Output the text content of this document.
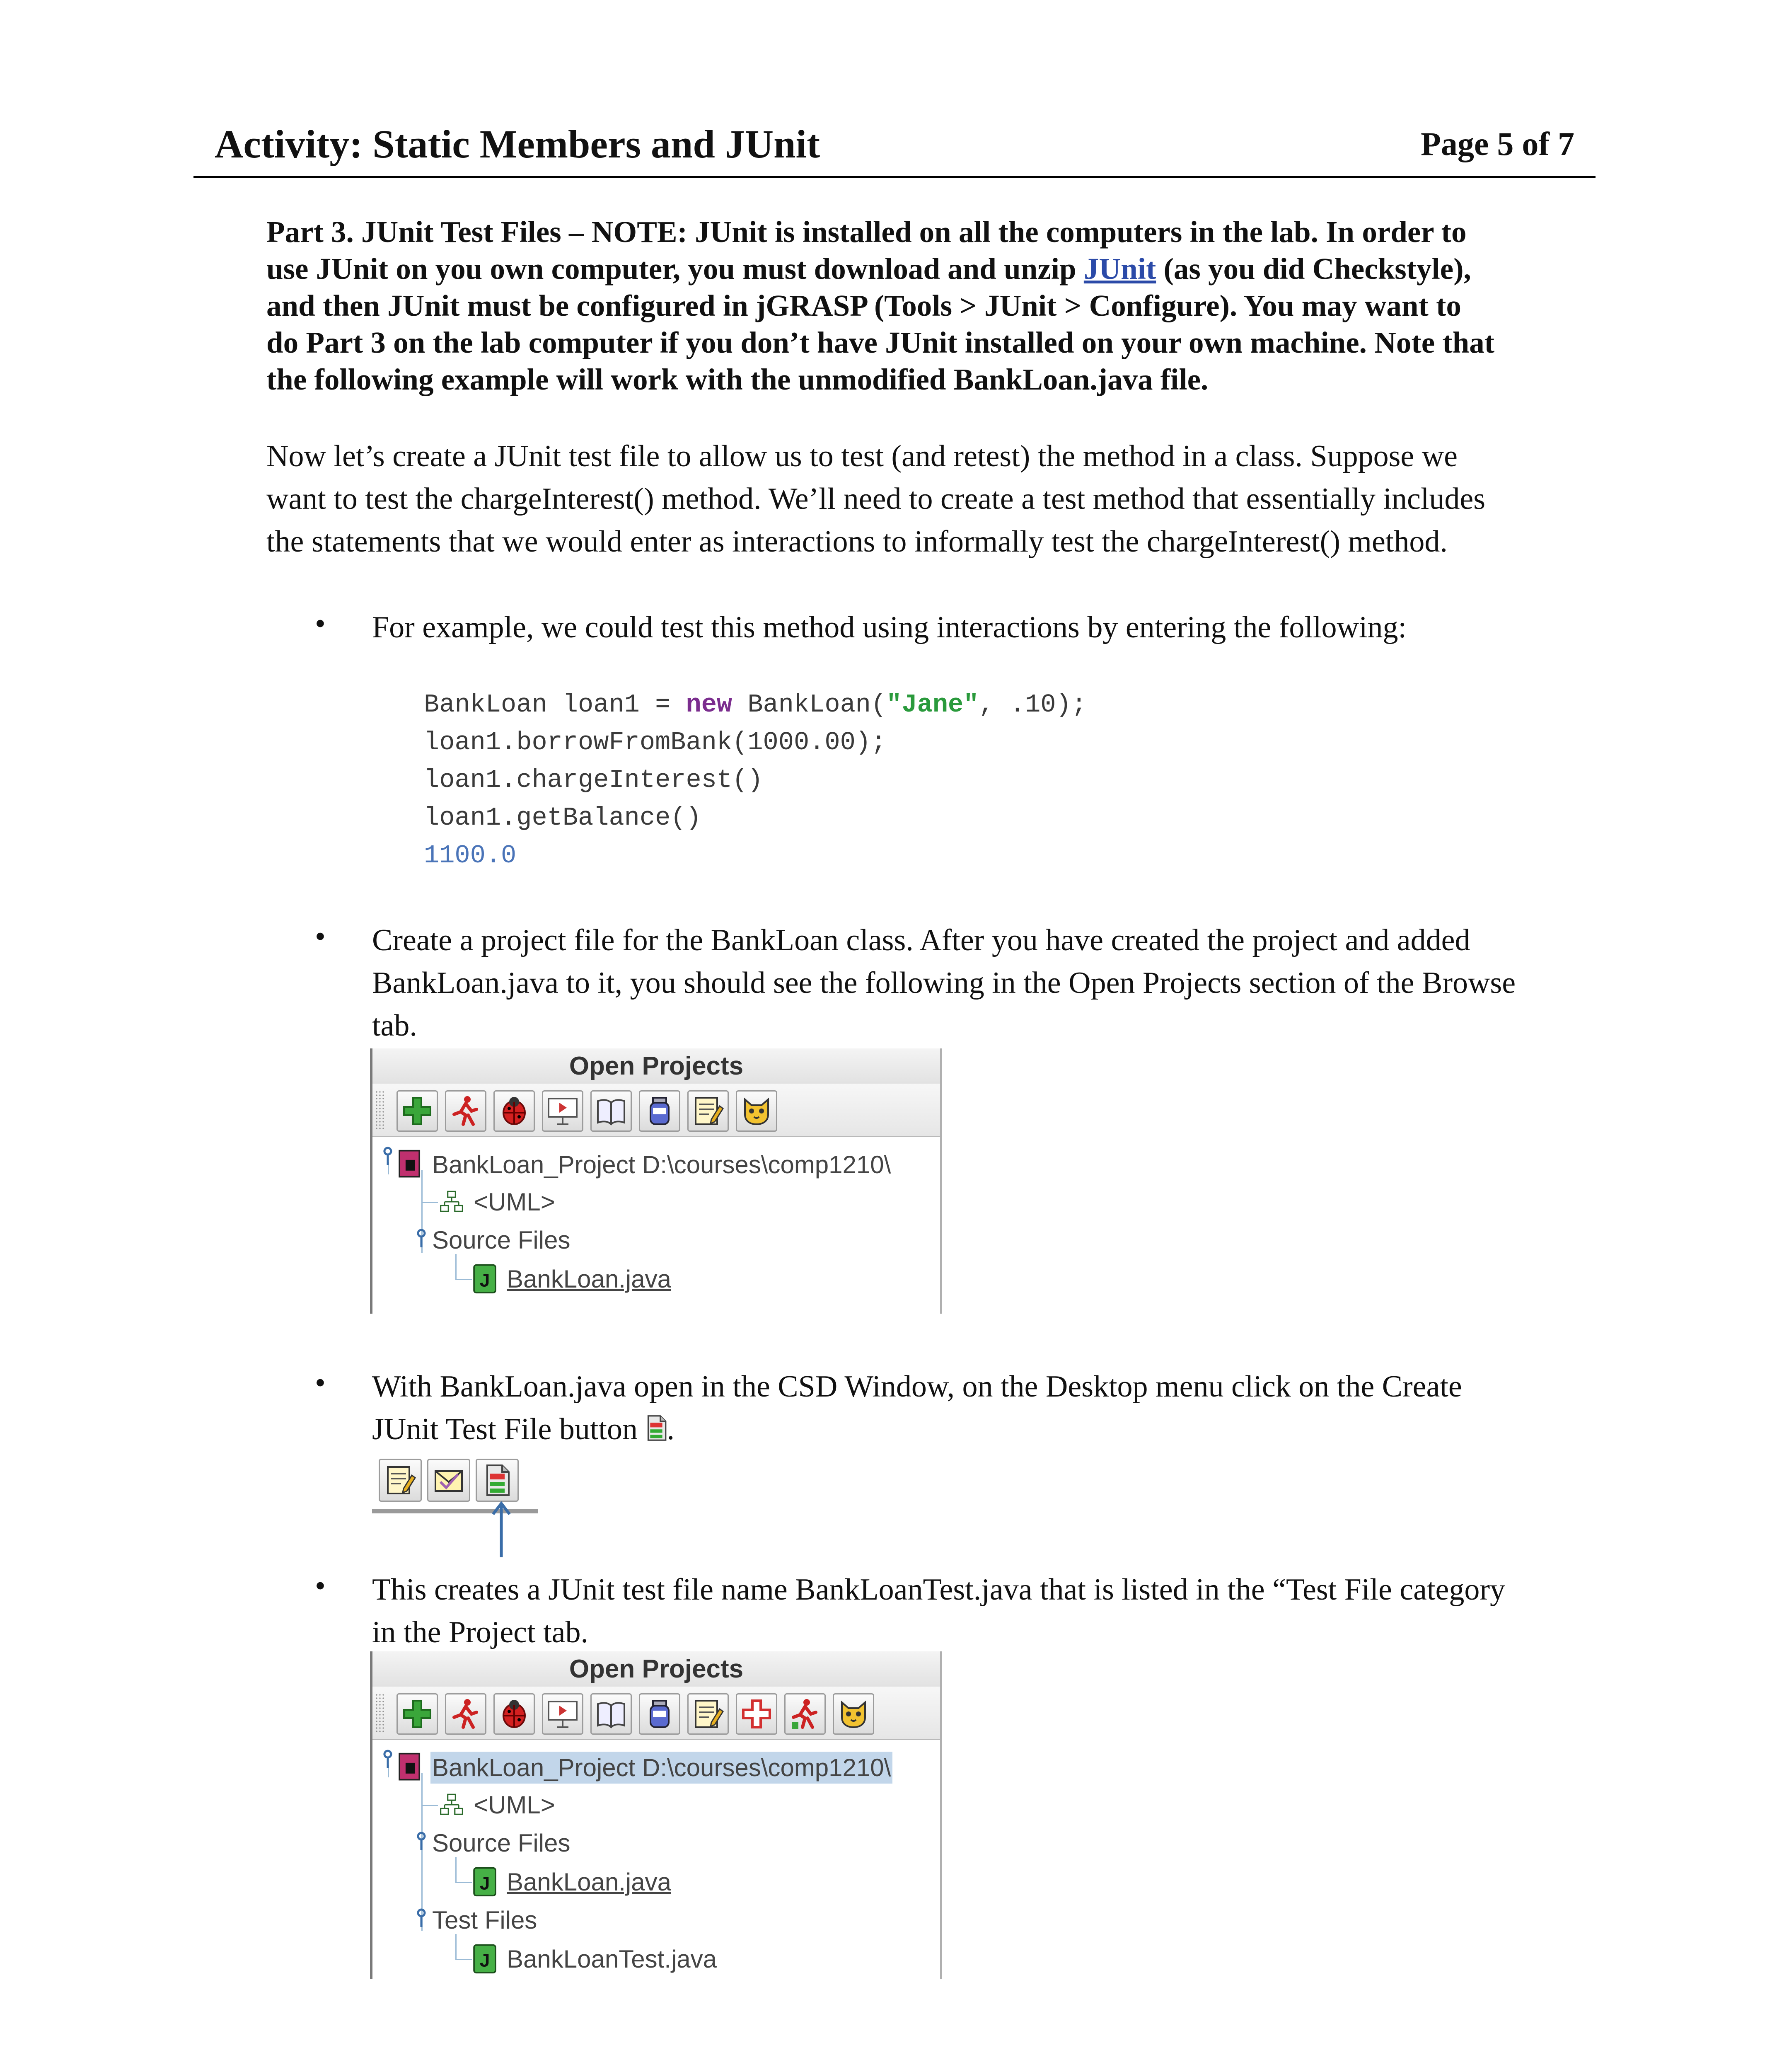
Activity: Static Members and JUnit	Page 5 of 7
Part 3. JUnit Test Files – NOTE: JUnit is installed on all the computers in the lab. In order to
use JUnit on you own computer, you must download and unzip JUnit (as you did Checkstyle),
and then JUnit must be configured in jGRASP (Tools > JUnit > Configure). You may want to
do Part 3 on the lab computer if you don’t have JUnit installed on your own machine. Note that
the following example will work with the unmodified BankLoan.java file.
Now let’s create a JUnit test file to allow us to test (and retest) the method in a class. Suppose we
want to test the chargeInterest() method. We’ll need to create a test method that essentially includes
the statements that we would enter as interactions to informally test the chargeInterest() method.
• For example, we could test this method using interactions by entering the following:
BankLoan loan1 = new BankLoan("Jane", .10);
loan1.borrowFromBank(1000.00);
loan1.chargeInterest()
loan1.getBalance()
1100.0
• Create a project file for the BankLoan class. After you have created the project and added
BankLoan.java to it, you should see the following in the Open Projects section of the Browse
tab.
Open Projects
BankLoan_Project D:\courses\comp1210\
<UML>
Source Files
BankLoan.java
• With BankLoan.java open in the CSD Window, on the Desktop menu click on the Create
JUnit Test File button .
• This creates a JUnit test file name BankLoanTest.java that is listed in the “Test File category
in the Project tab.
Open Projects
BankLoan_Project D:\courses\comp1210\
<UML>
Source Files
BankLoan.java
Test Files
BankLoanTest.java
